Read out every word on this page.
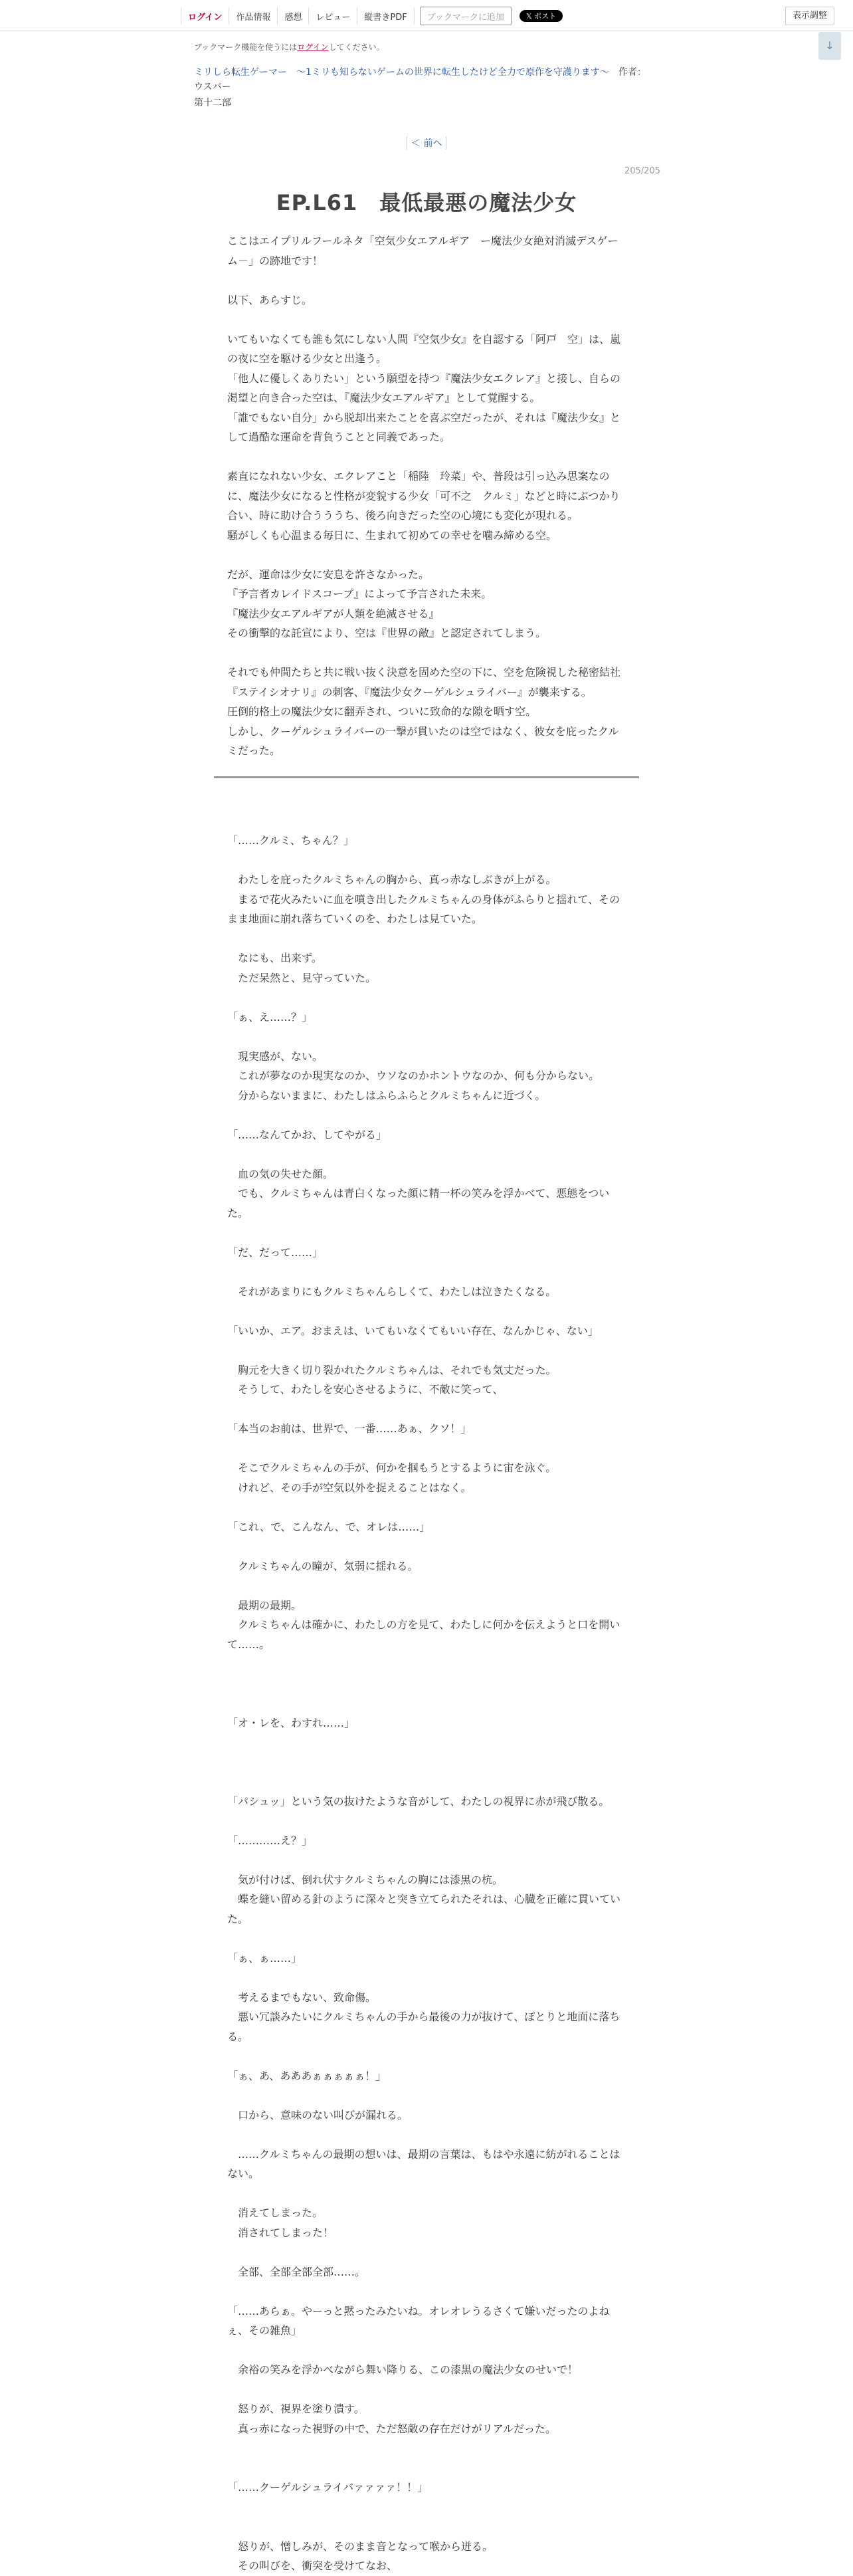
ログイン	作品情報	感想	レビュー	縦書きPDF	ブックマークに追加	𝕏 ポスト	表示調整
↓
ブックマーク機能を使うにはログインしてください。
ミリしら転生ゲーマー　〜1ミリも知らないゲームの世界に転生したけど全力で原作を守護ります〜　作者：ウスバー
第十二部
＜ 前へ
205/205
EP.L61　最低最悪の魔法少女

ここはエイプリルフールネタ「空気少女エアルギア　ー魔法少女絶対消滅デスゲーム－」の跡地です！

以下、あらすじ。

いてもいなくても誰も気にしない人間『空気少女』を自認する「阿戸　空」は、嵐の夜に空を駆ける少女と出逢う。

「他人に優しくありたい」という願望を持つ『魔法少女エクレア』と接し、自らの渇望と向き合った空は、『魔法少女エアルギア』として覚醒する。

「誰でもない自分」から脱却出来たことを喜ぶ空だったが、それは『魔法少女』として過酷な運命を背負うことと同義であった。

素直になれない少女、エクレアこと「稲陸　玲菜」や、普段は引っ込み思案なのに、魔法少女になると性格が変貌する少女「可不之　クルミ」などと時にぶつかり合い、時に助け合うううち、後ろ向きだった空の心境にも変化が現れる。

騒がしくも心温まる毎日に、生まれて初めての幸せを噛み締める空。

だが、運命は少女に安息を許さなかった。

『予言者カレイドスコープ』によって予言された未来。

『魔法少女エアルギアが人類を絶滅させる』

その衝撃的な託宣により、空は『世界の敵』と認定されてしまう。

それでも仲間たちと共に戦い抜く決意を固めた空の下に、空を危険視した秘密結社『ステイシオナリ』の刺客、『魔法少女クーゲルシュライバー』が襲来する。

圧倒的格上の魔法少女に翻弄され、ついに致命的な隙を晒す空。

しかし、クーゲルシュライバーの一撃が貫いたのは空ではなく、彼女を庇ったクルミだった。

「……クルミ、ちゃん？」

　わたしを庇ったクルミちゃんの胸から、真っ赤なしぶきが上がる。

　まるで花火みたいに血を噴き出したクルミちゃんの身体がふらりと揺れて、そのまま地面に崩れ落ちていくのを、わたしは見ていた。

　なにも、出来ず。

　ただ呆然と、見守っていた。

「ぁ、え……？」

　現実感が、ない。

　これが夢なのか現実なのか、ウソなのかホントウなのか、何も分からない。

　分からないままに、わたしはふらふらとクルミちゃんに近づく。

「……なんてかお、してやがる」

　血の気の失せた顔。

　でも、クルミちゃんは青白くなった顔に精一杯の笑みを浮かべて、悪態をついた。

「だ、だって……」

　それがあまりにもクルミちゃんらしくて、わたしは泣きたくなる。

「いいか、エア。おまえは、いてもいなくてもいい存在、なんかじゃ、ない」

　胸元を大きく切り裂かれたクルミちゃんは、それでも気丈だった。

　そうして、わたしを安心させるように、不敵に笑って、

「本当のお前は、世界で、一番……あぁ、クソ！」

　そこでクルミちゃんの手が、何かを掴もうとするように宙を泳ぐ。

　けれど、その手が空気以外を捉えることはなく。

「これ、で、こんなん、で、オレは……」

　クルミちゃんの瞳が、気弱に揺れる。

　最期の最期。

　クルミちゃんは確かに、わたしの方を見て、わたしに何かを伝えようと口を開いて……。

「オ・レを、わすれ……」

「パシュッ」という気の抜けたような音がして、わたしの視界に赤が飛び散る。

「…………え？」

　気が付けば、倒れ伏すクルミちゃんの胸には漆黒の杭。

　蝶を縫い留める針のように深々と突き立てられたそれは、心臓を正確に貫いていた。

「ぁ、ぁ……」

　考えるまでもない、致命傷。

　悪い冗談みたいにクルミちゃんの手から最後の力が抜けて、ぽとりと地面に落ちる。

「ぁ、あ、あああぁぁぁぁぁ！」

　口から、意味のない叫びが漏れる。

　……クルミちゃんの最期の想いは、最期の言葉は、もはや永遠に紡がれることはない。

　消えてしまった。

　消されてしまった！

　全部、全部全部全部……。

「……あらぁ。やーっと黙ったみたいね。オレオレうるさくて嫌いだったのよねぇ、その雑魚」

　余裕の笑みを浮かべながら舞い降りる、この漆黒の魔法少女のせいで！

　怒りが、視界を塗り潰す。

　真っ赤になった視野の中で、ただ怒敵の存在だけがリアルだった。

「……クーゲルシュライバァァァァ！！」

　怒りが、憎しみが、そのまま音となって喉から迸る。

　その叫びを、衝突を受けてなお、
